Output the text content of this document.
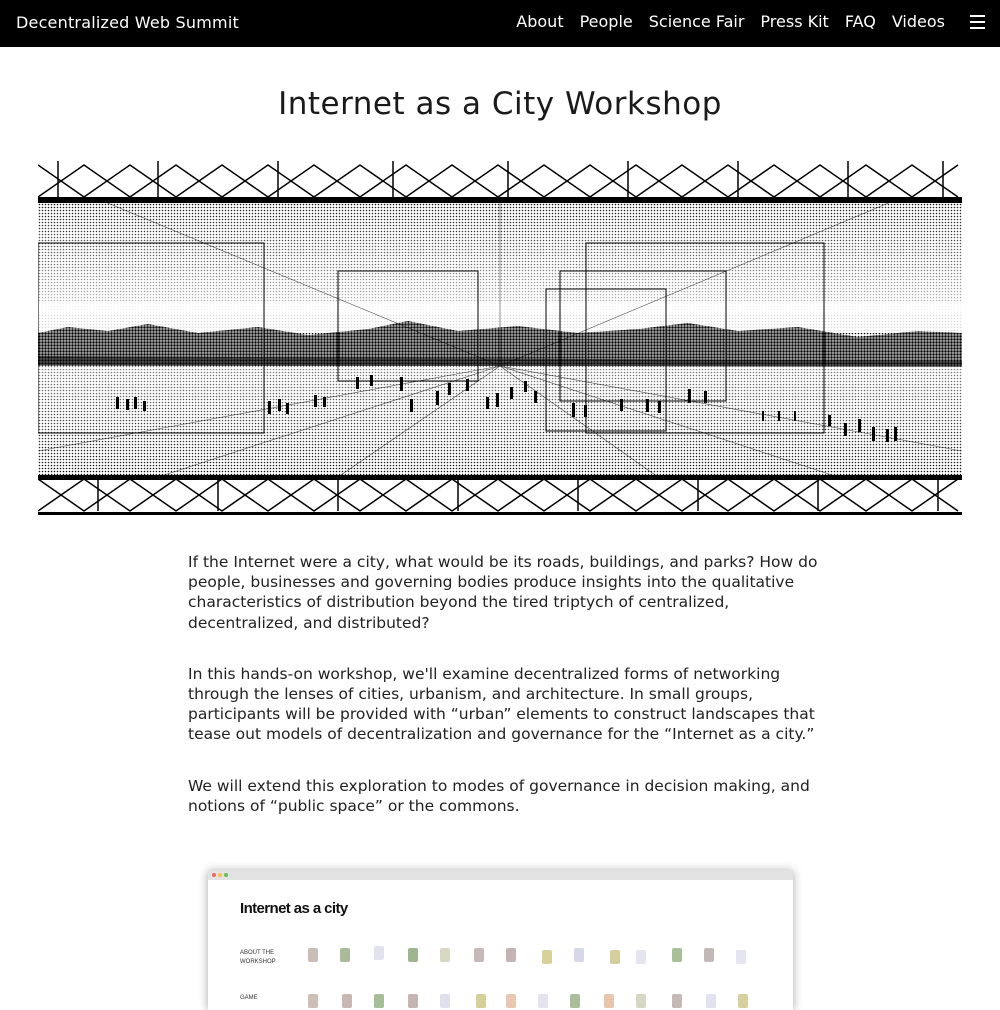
Decentralized Web Summit	About People Science Fair Press Kit FAQ Videos
Internet as a City Workshop

If the Internet were a city, what would be its roads, buildings, and parks? How do people, businesses and governing bodies produce insights into the qualitative characteristics of distribution beyond the tired triptych of centralized, decentralized, and distributed?

In this hands-on workshop, we'll examine decentralized forms of networking through the lenses of cities, urbanism, and architecture. In small groups, participants will be provided with “urban” elements to construct landscapes that tease out models of decentralization and governance for the “Internet as a city.”

We will extend this exploration to modes of governance in decision making, and notions of “public space” or the commons.

Internet as a city
ABOUT THE
WORKSHOP
GAME
